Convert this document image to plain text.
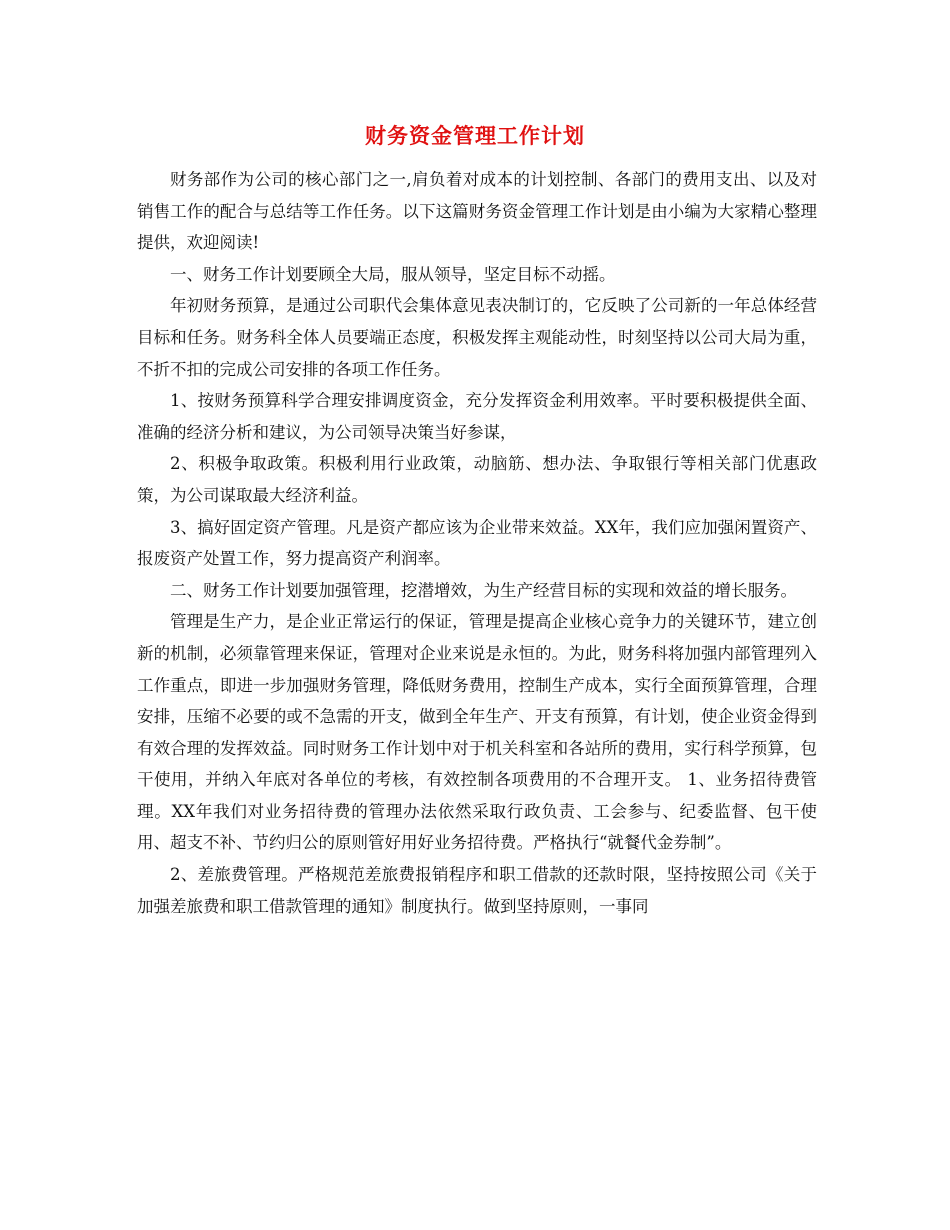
财务资金管理工作计划

财务部作为公司的核心部门之一,肩负着对成本的计划控制、各部门的费用支出、以及对销售工作的配合与总结等工作任务。以下这篇财务资金管理工作计划是由小编为大家精心整理提供，欢迎阅读!

一、财务工作计划要顾全大局，服从领导，坚定目标不动摇。

年初财务预算，是通过公司职代会集体意见表决制订的，它反映了公司新的一年总体经营目标和任务。财务科全体人员要端正态度，积极发挥主观能动性，时刻坚持以公司大局为重，不折不扣的完成公司安排的各项工作任务。

1、按财务预算科学合理安排调度资金，充分发挥资金利用效率。平时要积极提供全面、准确的经济分析和建议，为公司领导决策当好参谋，

2、积极争取政策。积极利用行业政策，动脑筋、想办法、争取银行等相关部门优惠政策，为公司谋取最大经济利益。

3、搞好固定资产管理。凡是资产都应该为企业带来效益。XX年，我们应加强闲置资产、报废资产处置工作，努力提高资产利润率。

二、财务工作计划要加强管理，挖潜增效，为生产经营目标的实现和效益的增长服务。

管理是生产力，是企业正常运行的保证，管理是提高企业核心竞争力的关键环节，建立创新的机制，必须靠管理来保证，管理对企业来说是永恒的。为此，财务科将加强内部管理列入工作重点，即进一步加强财务管理，降低财务费用，控制生产成本，实行全面预算管理，合理安排，压缩不必要的或不急需的开支，做到全年生产、开支有预算，有计划，使企业资金得到有效合理的发挥效益。同时财务工作计划中对于机关科室和各站所的费用，实行科学预算，包干使用，并纳入年底对各单位的考核，有效控制各项费用的不合理开支。 1、业务招待费管理。XX年我们对业务招待费的管理办法依然采取行政负责、工会参与、纪委监督、包干使用、超支不补、节约归公的原则管好用好业务招待费。严格执行“就餐代金券制”。

2、差旅费管理。严格规范差旅费报销程序和职工借款的还款时限，坚持按照公司《关于加强差旅费和职工借款管理的通知》制度执行。做到坚持原则，一事同
